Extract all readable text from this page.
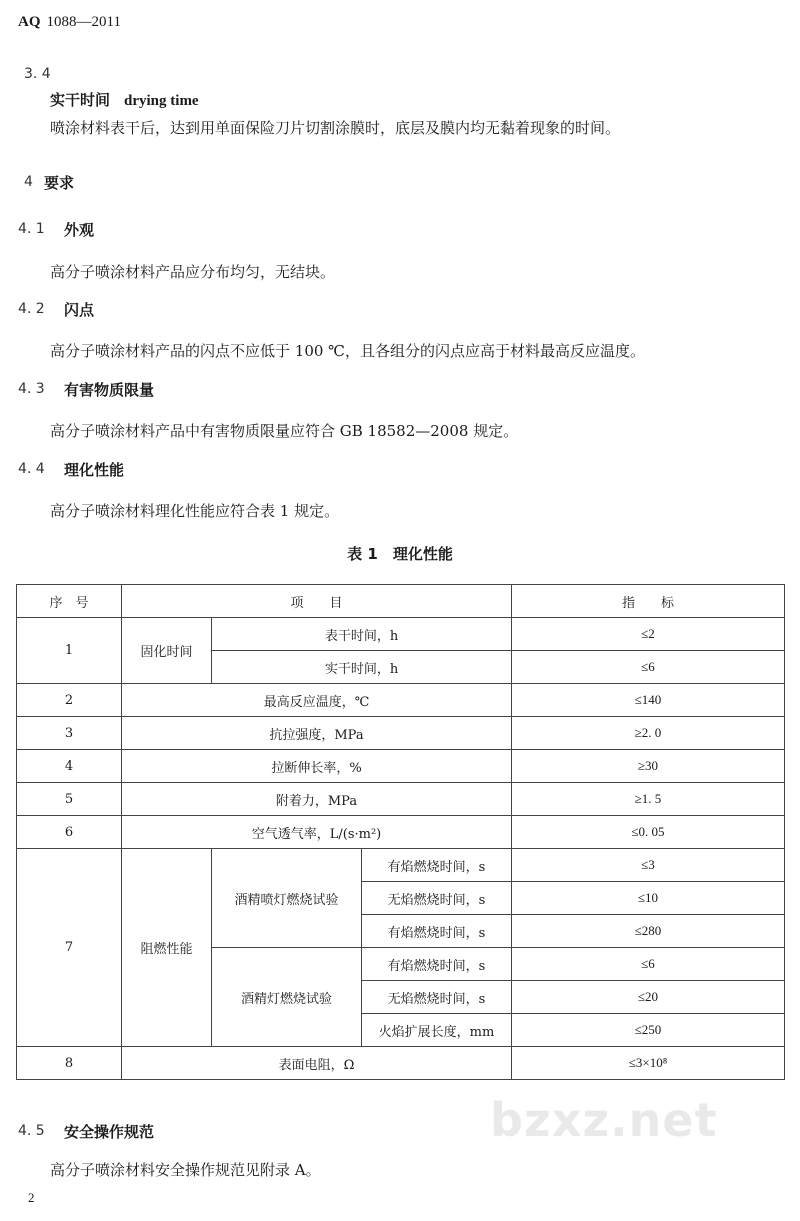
AQ 1088—2011
3. 4
实干时间 drying time
喷涂材料表干后，达到用单面保险刀片切割涂膜时，底层及膜内均无黏着现象的时间。
4 要求
4. 1 外观
高分子喷涂材料产品应分布均匀，无结块。
4. 2 闪点
高分子喷涂材料产品的闪点不应低于 100 ℃，且各组分的闪点应高于材料最高反应温度。
4. 3 有害物质限量
高分子喷涂材料产品中有害物质限量应符合 GB 18582—2008 规定。
4. 4 理化性能
高分子喷涂材料理化性能应符合表 1 规定。
表 1　理化性能
序　号	项　　目			指　　标
1	固化时间	表干时间，h		≤2
		实干时间，h		≤6
2	最高反应温度，℃			≤140
3	抗拉强度，MPa			≥2. 0
4	拉断伸长率，%			≥30
5	附着力，MPa			≥1. 5
6	空气透气率，L/(s·m²)			≤0. 05
7	阻燃性能	酒精喷灯燃烧试验	有焰燃烧时间，s	≤3
			无焰燃烧时间，s	≤10
			有焰燃烧时间，s	≤280
		酒精灯燃烧试验	有焰燃烧时间，s	≤6
			无焰燃烧时间，s	≤20
			火焰扩展长度，mm	≤250
8	表面电阻，Ω			≤3×10⁸
bzxz.net
4. 5 安全操作规范
高分子喷涂材料安全操作规范见附录 A。
2
